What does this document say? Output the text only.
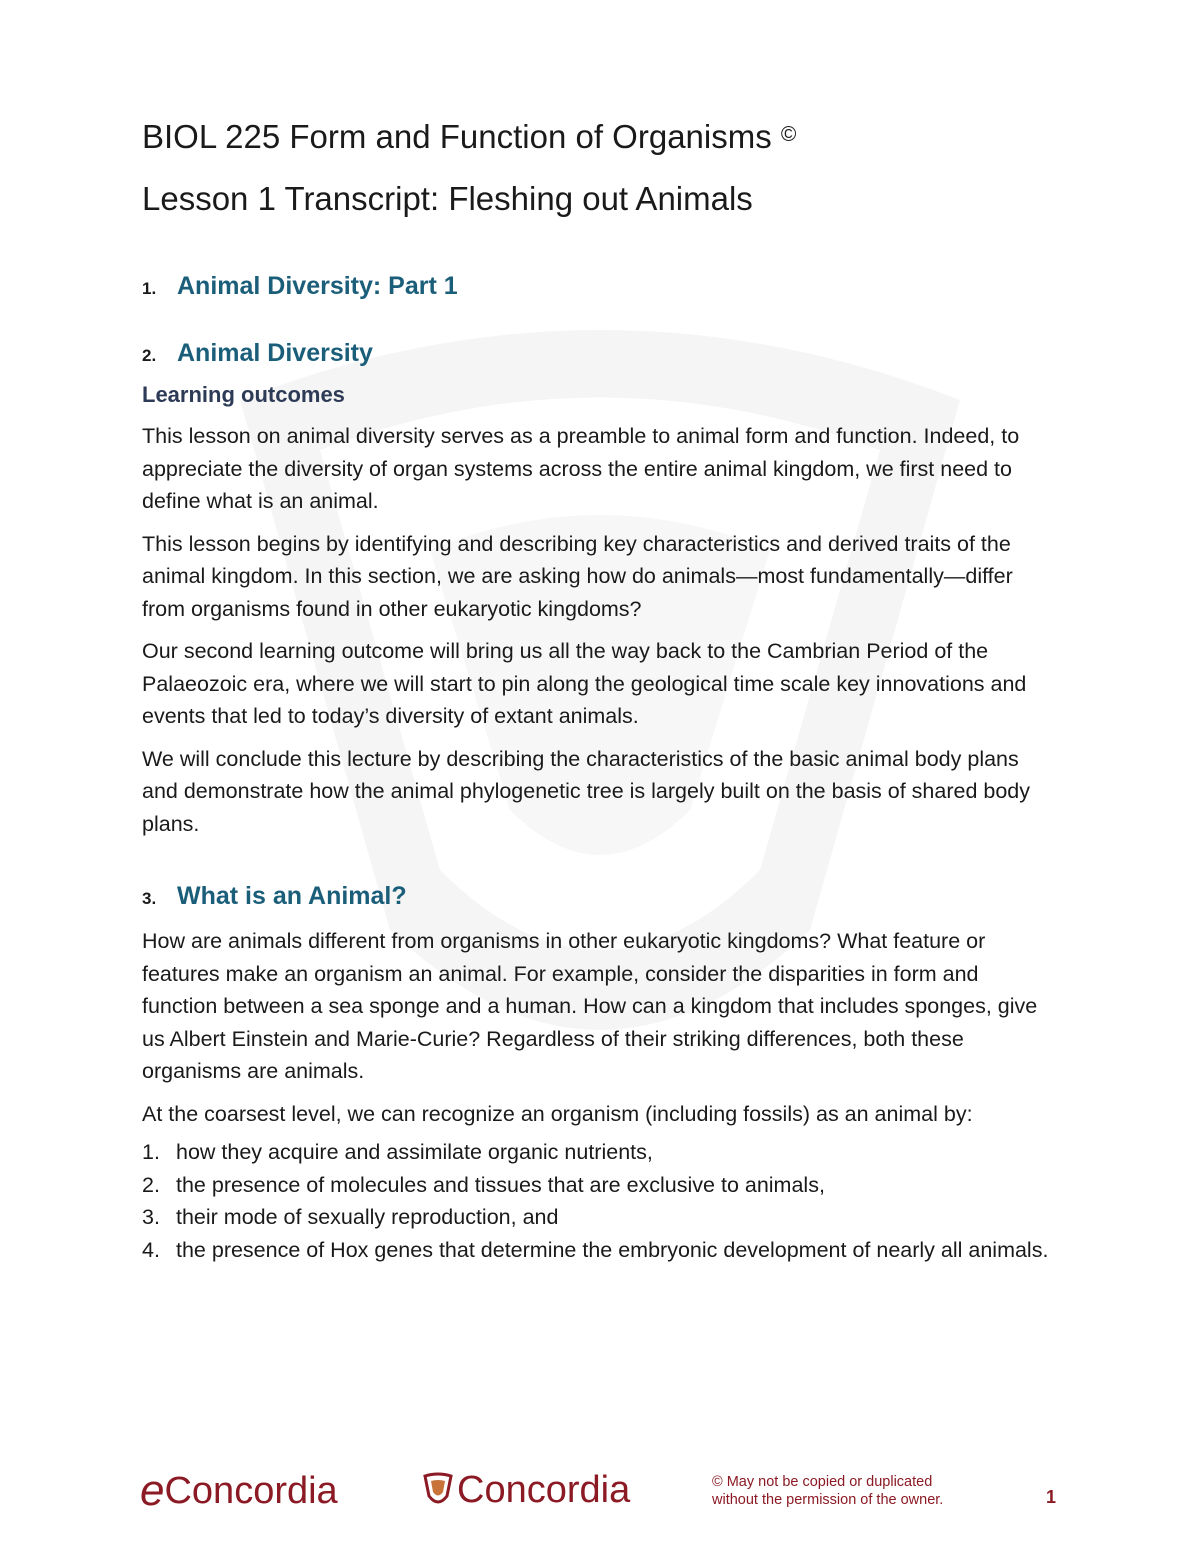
BIOL 225 Form and Function of Organisms ©
Lesson 1 Transcript: Fleshing out Animals
1. Animal Diversity: Part 1
2. Animal Diversity
Learning outcomes

This lesson on animal diversity serves as a preamble to animal form and function. Indeed, to appreciate the diversity of organ systems across the entire animal kingdom, we first need to define what is an animal.

This lesson begins by identifying and describing key characteristics and derived traits of the animal kingdom. In this section, we are asking how do animals—most fundamentally—differ from organisms found in other eukaryotic kingdoms?

Our second learning outcome will bring us all the way back to the Cambrian Period of the Palaeozoic era, where we will start to pin along the geological time scale key innovations and events that led to today’s diversity of extant animals.

We will conclude this lecture by describing the characteristics of the basic animal body plans and demonstrate how the animal phylogenetic tree is largely built on the basis of shared body plans.

3. What is an Animal?

How are animals different from organisms in other eukaryotic kingdoms? What feature or features make an organism an animal. For example, consider the disparities in form and function between a sea sponge and a human. How can a kingdom that includes sponges, give us Albert Einstein and Marie-Curie? Regardless of their striking differences, both these organisms are animals.

At the coarsest level, we can recognize an organism (including fossils) as an animal by:

1. how they acquire and assimilate organic nutrients,
2. the presence of molecules and tissues that are exclusive to animals,
3. their mode of sexually reproduction, and
4. the presence of Hox genes that determine the embryonic development of nearly all animals.
e Concordia	Concordia	© May not be copied or duplicated
without the permission of the owner.	1
